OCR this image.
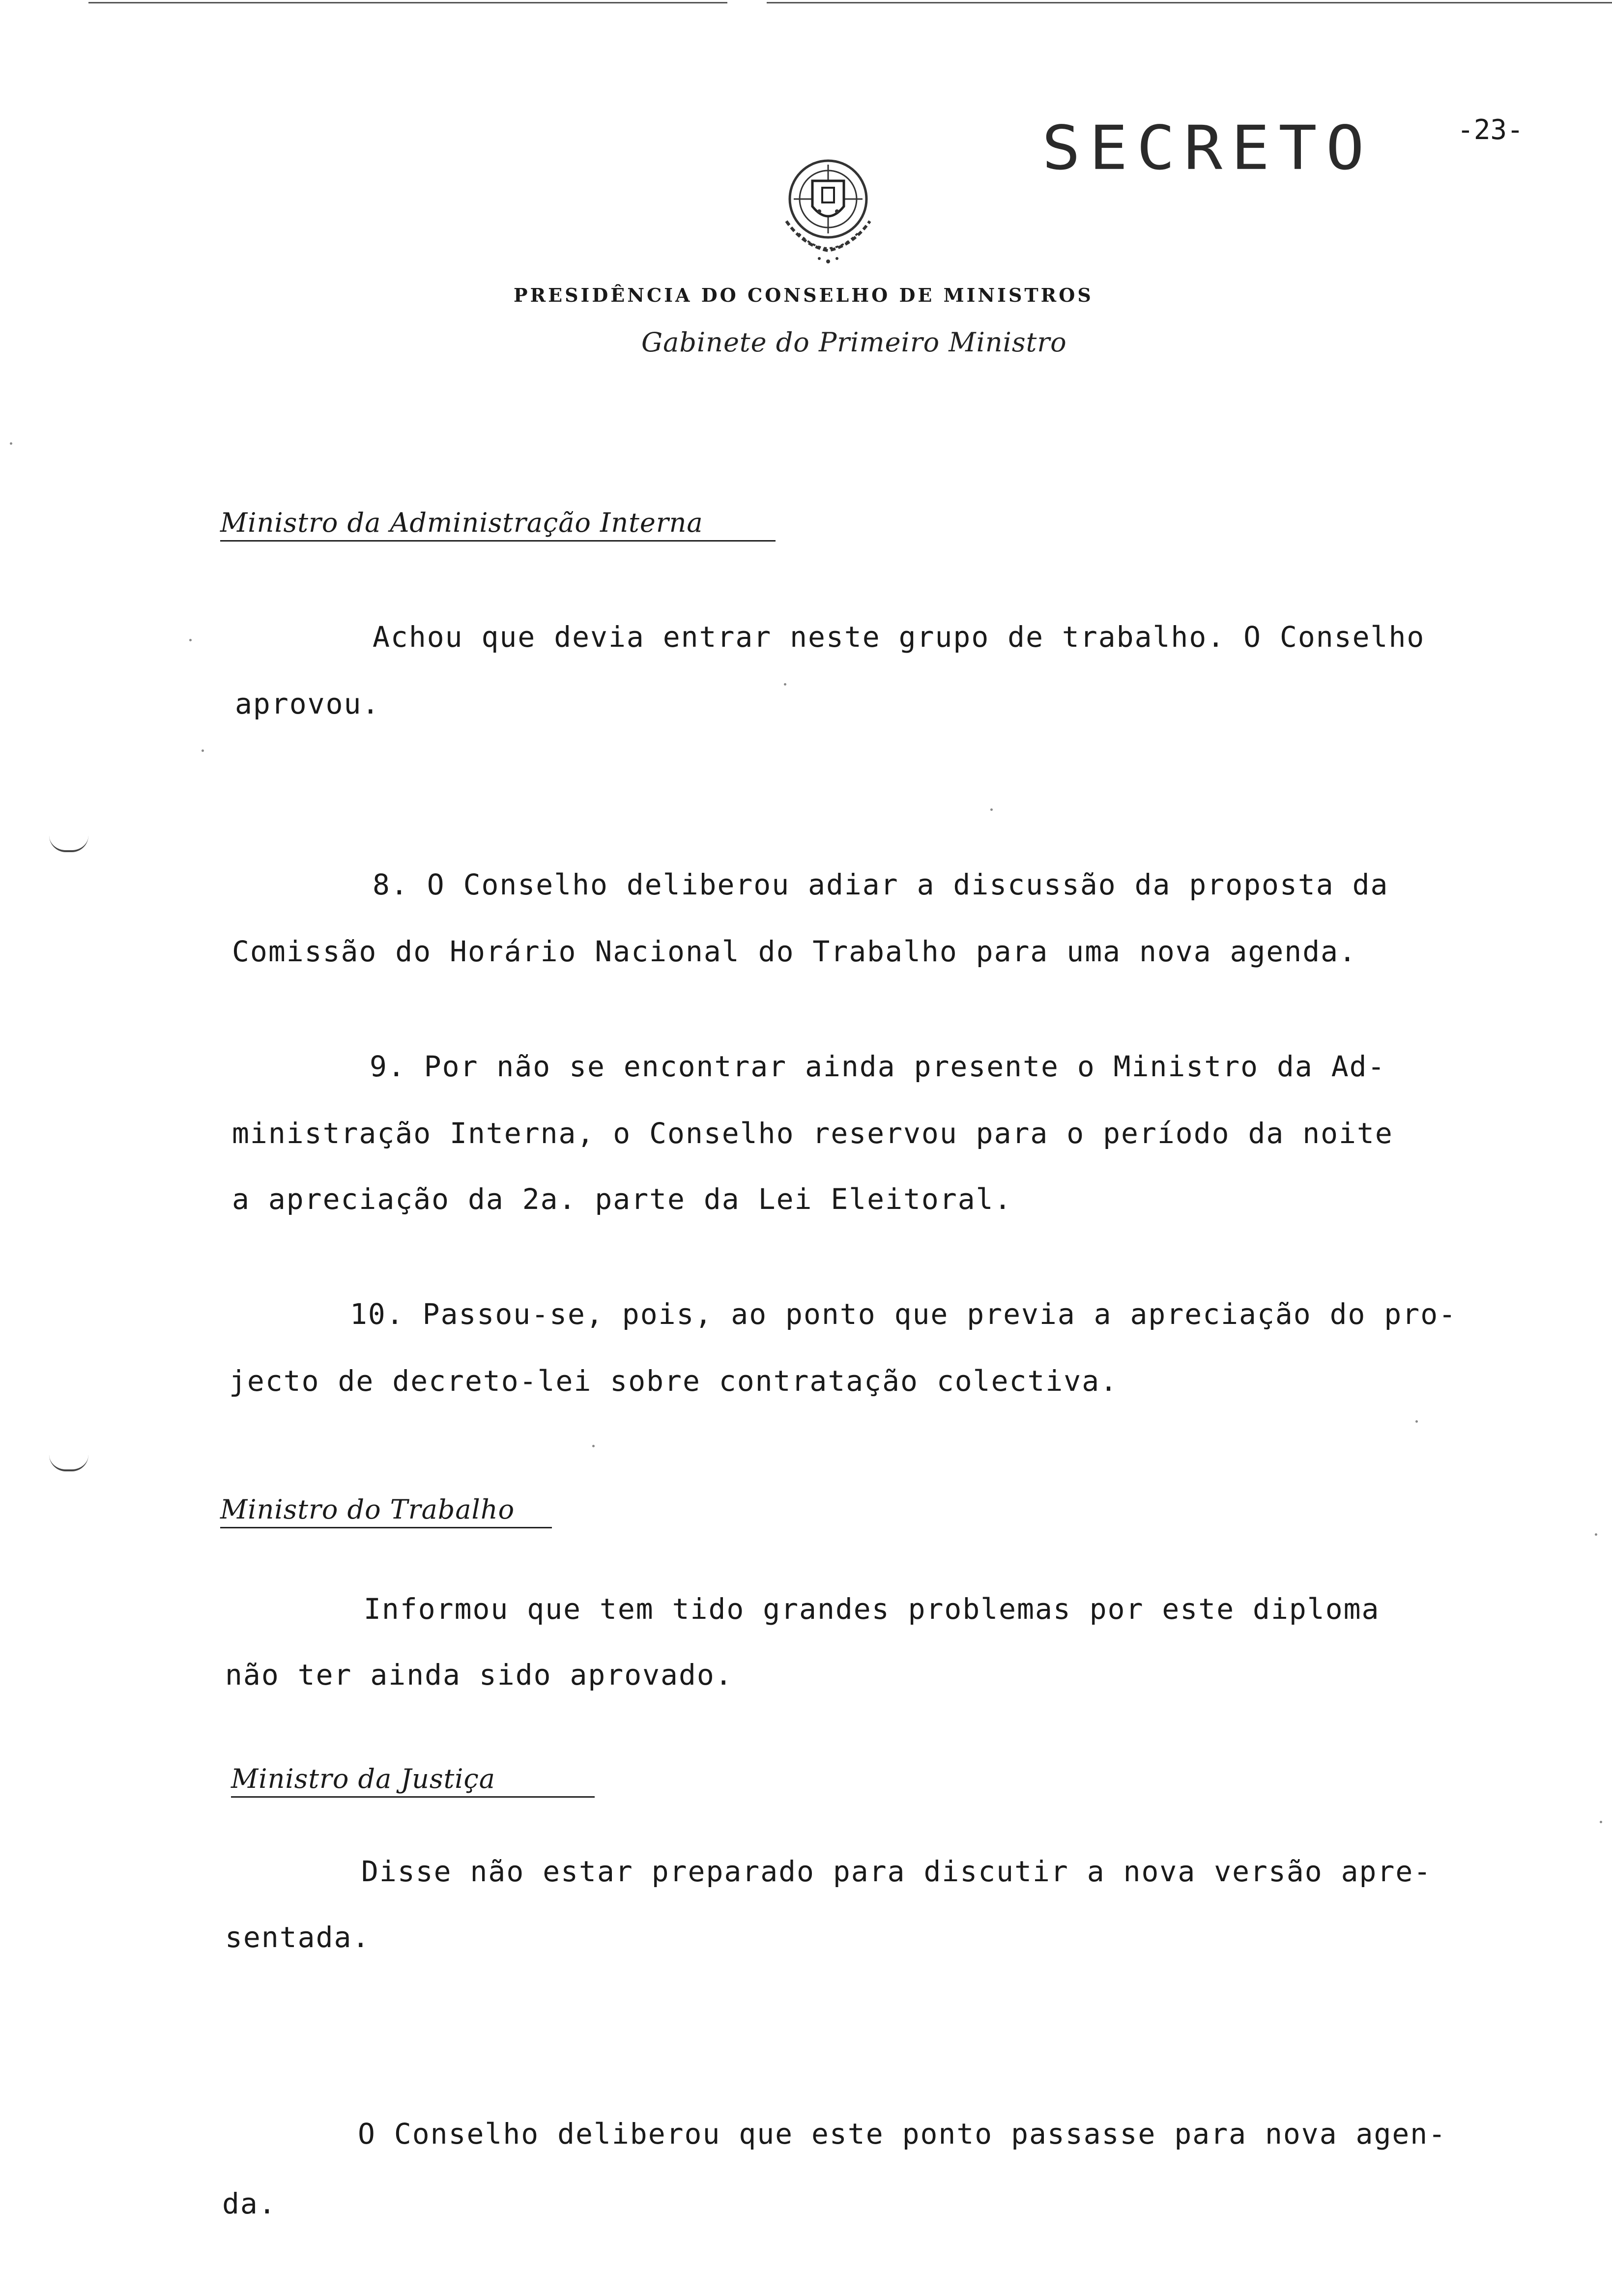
-23-
SECRETO
PRESIDÊNCIA DO CONSELHO DE MINISTROS
Gabinete do Primeiro Ministro
Ministro da Administração Interna
Achou que devia entrar neste grupo de trabalho. O Conselho
aprovou.
8. O Conselho deliberou adiar a discussão da proposta da
Comissão do Horário Nacional do Trabalho para uma nova agenda.
9. Por não se encontrar ainda presente o Ministro da Ad-
ministração Interna, o Conselho reservou para o período da noite
a apreciação da 2a. parte da Lei Eleitoral.
10. Passou-se, pois, ao ponto que previa a apreciação do pro-
jecto de decreto-lei sobre contratação colectiva.
Ministro do Trabalho
Informou que tem tido grandes problemas por este diploma
não ter ainda sido aprovado.
Ministro da Justiça
Disse não estar preparado para discutir a nova versão apre-
sentada.
O Conselho deliberou que este ponto passasse para nova agen-
da.
